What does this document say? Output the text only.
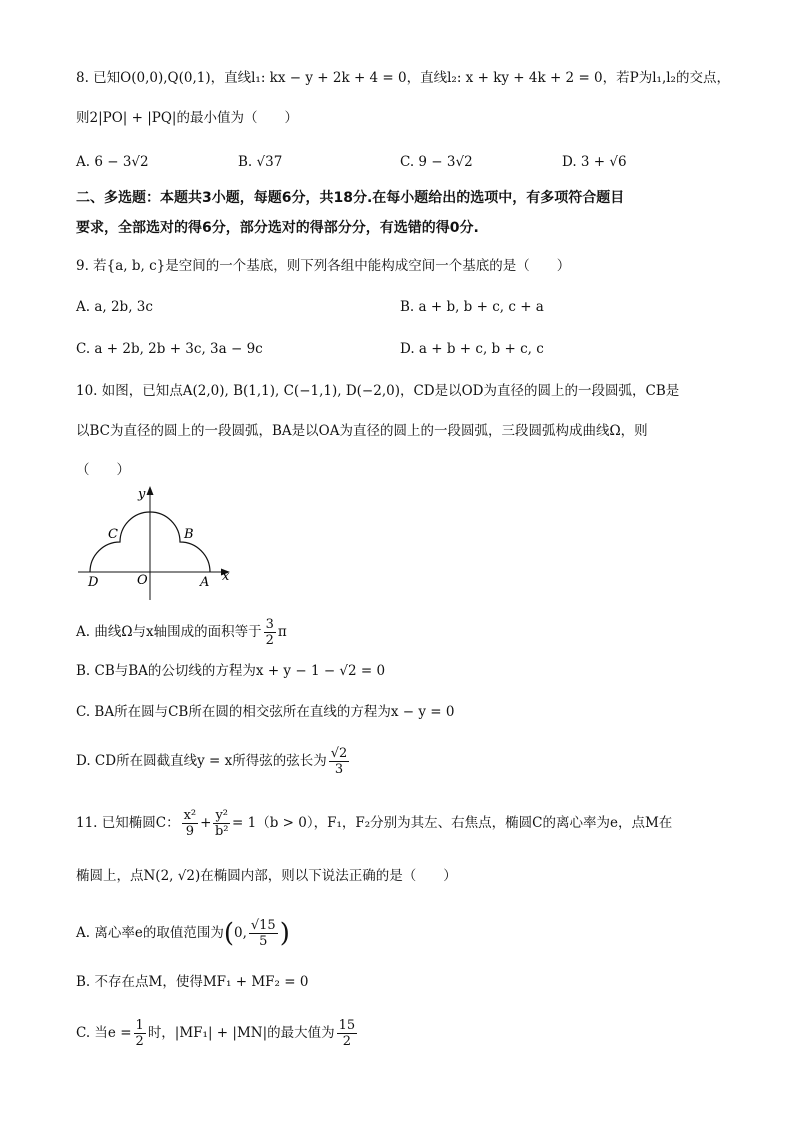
8. 已知O(0,0),Q(0,1)，直线l₁: kx − y + 2k + 4 = 0，直线l₂: x + ky + 4k + 2 = 0，若P为l₁,l₂的交点，
则2|PO| + |PQ|的最小值为（　　）
A. 6 − 3√2	B. √37	C. 9 − 3√2	D. 3 + √6
二、多选题：本题共3小题，每题6分，共18分.在每小题给出的选项中，有多项符合题目
要求，全部选对的得6分，部分选对的得部分分，有选错的得0分.
9. 若{a, b, c}是空间的一个基底，则下列各组中能构成空间一个基底的是（　　）
A. a, 2b, 3c	B. a + b, b + c, c + a
C. a + 2b, 2b + 3c, 3a − 9c	D. a + b + c, b + c, c
10. 如图，已知点A(2,0), B(1,1), C(−1,1), D(−2,0)，CD是以OD为直径的圆上的一段圆弧，CB是
以BC为直径的圆上的一段圆弧，BA是以OA为直径的圆上的一段圆弧，三段圆弧构成曲线Ω，则
（　　）
y
x
C	B
D	O	A
A. 曲线Ω与x轴围成的面积等于 $\frac{3}{2}$ π
B. CB与BA的公切线的方程为x + y − 1 − √2 = 0
C. BA所在圆与CB所在圆的相交弦所在直线的方程为x − y = 0
D. CD所在圆截直线y = x所得弦的弦长为 $\frac{√2}{3}$
11. 已知椭圆C： $\frac{\text{x²}}{9} + \frac{\text{y²}}{\text{b²}} = 1(b > 0)$，F₁，F₂分别为其左、右焦点，椭圆C的离心率为e，点M在
椭圆上，点N(2, √2)在椭圆内部，则以下说法正确的是（　　）
A. 离心率e的取值范围为(0, $\frac{√15}{5}$ )
B. 不存在点M，使得MF₁ + MF₂ = 0
C. 当$e = \frac{1}{2}$ 时，|MF₁| + |MN|的最大值为 $\frac{15}{2}$
